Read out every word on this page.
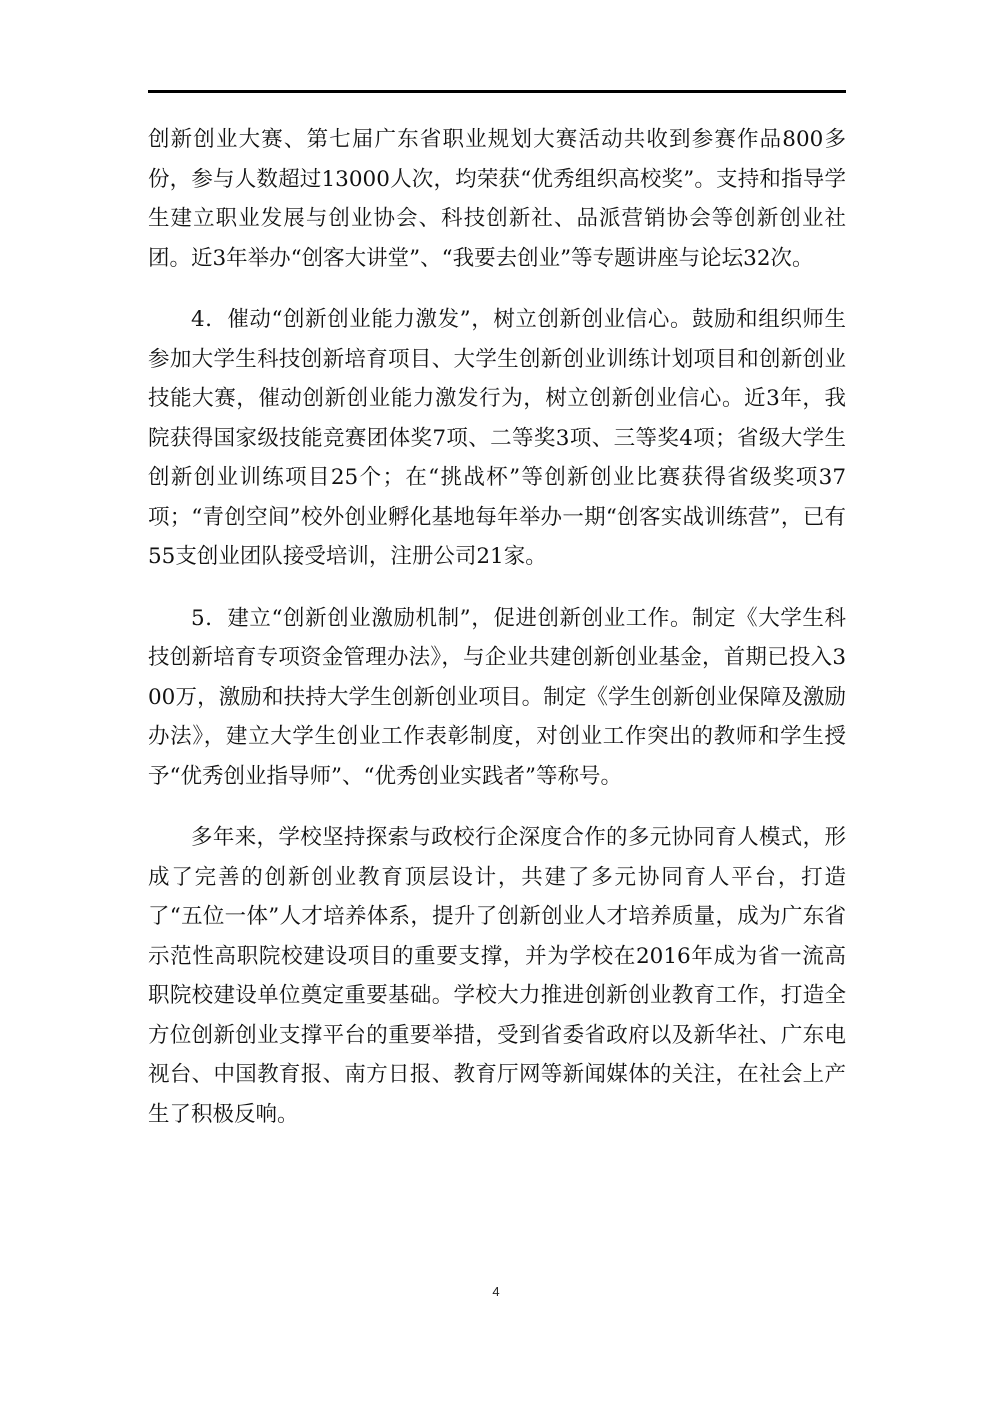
创新创业大赛、第七届广东省职业规划大赛活动共收到参赛作品800多份，参与人数超过13000人次，均荣获“优秀组织高校奖”。支持和指导学生建立职业发展与创业协会、科技创新社、品派营销协会等创新创业社团。近3年举办“创客大讲堂”、“我要去创业”等专题讲座与论坛32次。

4．催动“创新创业能力激发”，树立创新创业信心。鼓励和组织师生参加大学生科技创新培育项目、大学生创新创业训练计划项目和创新创业技能大赛，催动创新创业能力激发行为，树立创新创业信心。近3年，我院获得国家级技能竞赛团体奖7项、二等奖3项、三等奖4项；省级大学生创新创业训练项目25个；在“挑战杯”等创新创业比赛获得省级奖项37项；“青创空间”校外创业孵化基地每年举办一期“创客实战训练营”，已有55支创业团队接受培训，注册公司21家。

5．建立“创新创业激励机制”，促进创新创业工作。制定《大学生科技创新培育专项资金管理办法》，与企业共建创新创业基金，首期已投入300万，激励和扶持大学生创新创业项目。制定《学生创新创业保障及激励办法》，建立大学生创业工作表彰制度，对创业工作突出的教师和学生授予“优秀创业指导师”、“优秀创业实践者”等称号。

多年来，学校坚持探索与政校行企深度合作的多元协同育人模式，形成了完善的创新创业教育顶层设计，共建了多元协同育人平台，打造了“五位一体”人才培养体系，提升了创新创业人才培养质量，成为广东省示范性高职院校建设项目的重要支撑，并为学校在2016年成为省一流高职院校建设单位奠定重要基础。学校大力推进创新创业教育工作，打造全方位创新创业支撑平台的重要举措，受到省委省政府以及新华社、广东电视台、中国教育报、南方日报、教育厅网等新闻媒体的关注，在社会上产生了积极反响。

4
